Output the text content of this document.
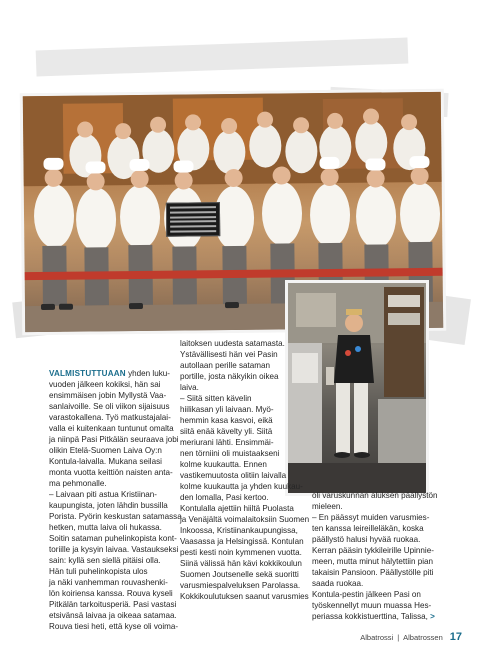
VALMISTUTTUAAN yhden luku-
vuoden jälkeen kokiksi, hän sai
ensimmäisen jobin Myllystä Vaa-
sanlaivoille. Se oli viikon sijaisuus
varastokallena. Työ matkustajalai-
valla ei kuitenkaan tuntunut omalta
ja niinpä Pasi Pitkälän seuraava jobi
olikin Etelä-Suomen Laiva Oy:n
Kontula-laivalla. Mukana seilasi
monta vuotta keittiön naisten anta-
ma pehmonalle.
– Laivaan piti astua Kristiinan-
kaupungista, joten lähdin bussilla
Poristа. Pyörin keskustan satamassa
hetken, mutta laiva oli hukassa.
Soitin sataman puhelinkopista kont-
toriille ja kysyin laivaa. Vastaukseksi
sain: kyllä sen siellä pitäisi olla.
Hän tuli puhelinkopista ulos
ja näki vanhemman rouvashenki-
lön koiriensa kanssa. Rouva kyseli
Pitkälän tarkoitusperiä. Pasi vastasi
etsivänsä laivaa ja oikeaa satamaa.
Rouva tiesi heti, että kyse oli voima-
laitoksen uudesta satamasta.
Ystävällisesti hän vei Pasin
autollaan perille sataman
portille, josta näkyikin oikea
laiva.
– Siitä sitten kävelin
hiilikasan yli laivaan. Myö-
hemmin kasa kasvoi, eikä
siitä enää kävelty yli. Siitä
meriurani lähti. Ensimmäi-
nen törniini oli muistaakseni
kolme kuukautta. Ennen
vastikemuutosta olitiin laivalla
kolme kuukautta ja yhden kuukau-
den lomalla, Pasi kertoo.
Kontulalla ajettiin hiiltä Puolasta
ja Venäjältä voimalaitoksiin Suomen
Inkoossa, Kristiinankaupungissa,
Vaasassa ja Helsingissä. Kontulan
pesti kesti noin kymmenen vuotta.
Siinä välissä hän kävi kokkikoulun
Suomen Joutsenelle sekä suoritti
varusmiespalveluksen Parolassa.
Kokkikoulutuksen saanut varusmies
oli varuskunnan aluksen päällystön
mieleen.
– En päässyt muiden varusmies-
ten kanssa leireilleläkän, koska
päällystö halusi hyvää ruokaa.
Kerran pääsin tykkileirille Upinnie-
meen, mutta minut hälytettiin pian
takaisin Pansioon. Päällystölle piti
saada ruokaa.
Kontula-pestin jälkeen Pasi on
työskennellyt muun muassa Hes-
periassa kokkistuerttina, Talissa, >
Albatrossi | Albatrossen 17
